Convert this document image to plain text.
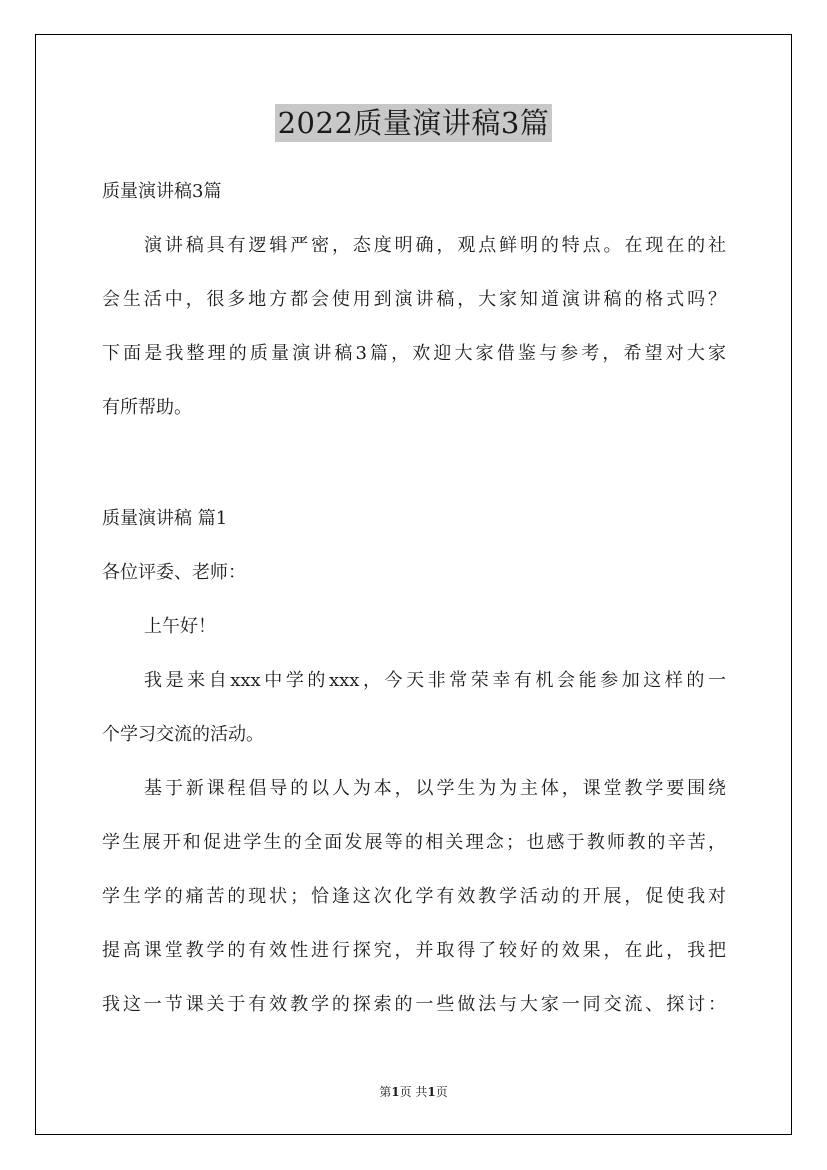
2022质量演讲稿3篇
质量演讲稿3篇
演讲稿具有逻辑严密，态度明确，观点鲜明的特点。在现在的社
会生活中，很多地方都会使用到演讲稿，大家知道演讲稿的格式吗？
下面是我整理的质量演讲稿3篇，欢迎大家借鉴与参考，希望对大家
有所帮助。
质量演讲稿 篇1
各位评委、老师：
上午好！
我是来自xxx中学的xxx，今天非常荣幸有机会能参加这样的一
个学习交流的活动。
基于新课程倡导的以人为本，以学生为为主体，课堂教学要围绕
学生展开和促进学生的全面发展等的相关理念；也感于教师教的辛苦，
学生学的痛苦的现状；恰逢这次化学有效教学活动的开展，促使我对
提高课堂教学的有效性进行探究，并取得了较好的效果，在此，我把
我这一节课关于有效教学的探索的一些做法与大家一同交流、探讨：
第1页 共1页
